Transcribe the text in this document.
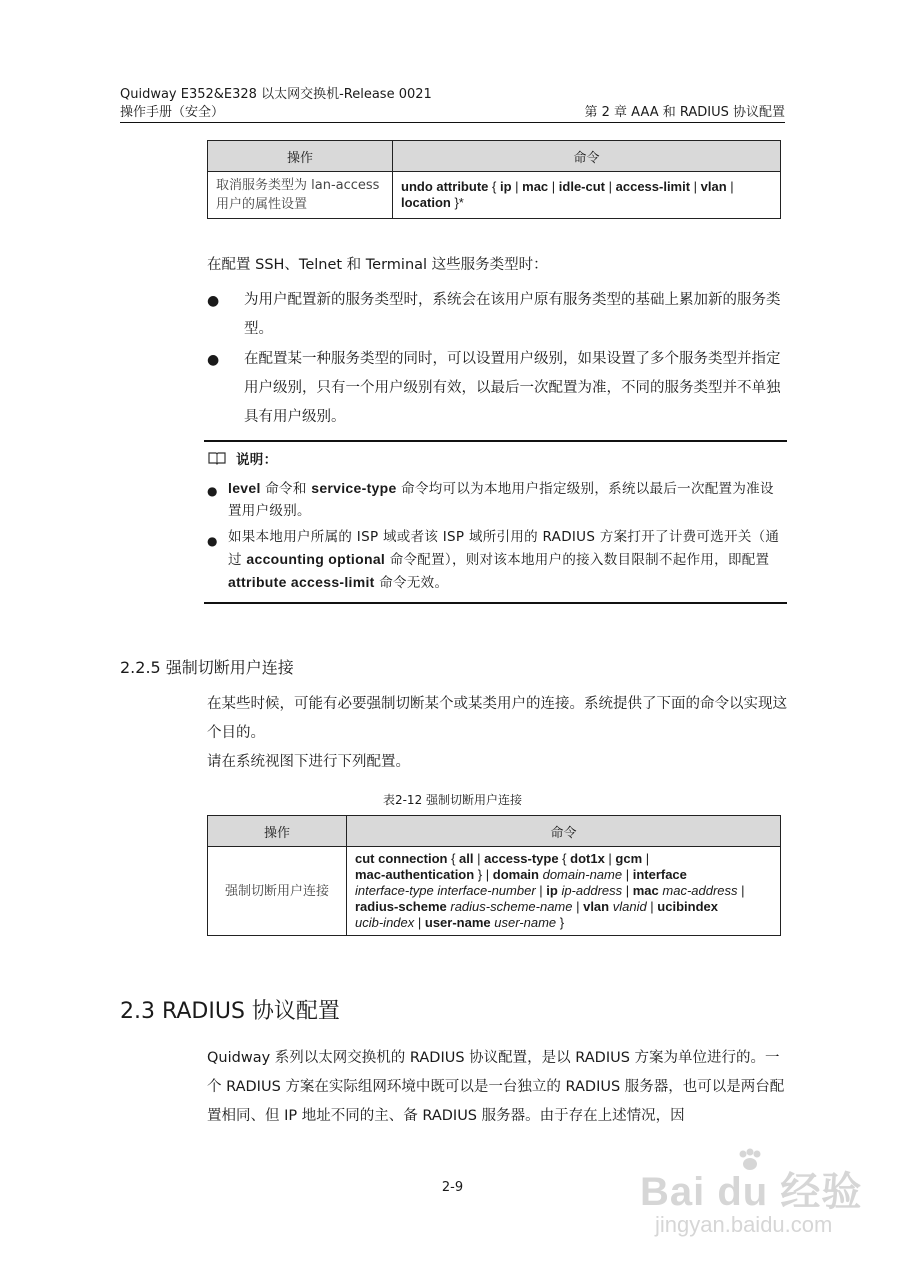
Quidway E352&E328 以太网交换机-Release 0021
操作手册（安全）	第 2 章 AAA 和 RADIUS 协议配置
操作	命令
取消服务类型为 lan-access 用户的属性设置	undo attribute { ip | mac | idle-cut | access-limit | vlan | location }*
在配置 SSH、Telnet 和 Terminal 这些服务类型时：
● 为用户配置新的服务类型时，系统会在该用户原有服务类型的基础上累加新的服务类型。
● 在配置某一种服务类型的同时，可以设置用户级别，如果设置了多个服务类型并指定用户级别，只有一个用户级别有效，以最后一次配置为准，不同的服务类型并不单独具有用户级别。
说明：
● level 命令和 service-type 命令均可以为本地用户指定级别，系统以最后一次配置为准设置用户级别。
● 如果本地用户所属的 ISP 域或者该 ISP 域所引用的 RADIUS 方案打开了计费可选开关（通过 accounting optional 命令配置），则对该本地用户的接入数目限制不起作用，即配置 attribute access-limit 命令无效。
2.2.5 强制切断用户连接
在某些时候，可能有必要强制切断某个或某类用户的连接。系统提供了下面的命令以实现这个目的。
请在系统视图下进行下列配置。
表2-12 强制切断用户连接
操作	命令
强制切断用户连接	cut connection { all | access-type { dot1x | gcm |
mac-authentication } | domain domain-name | interface
interface-type interface-number | ip ip-address | mac mac-address |
radius-scheme radius-scheme-name | vlan vlanid | ucibindex
ucib-index | user-name user-name }
2.3 RADIUS 协议配置
Quidway 系列以太网交换机的 RADIUS 协议配置，是以 RADIUS 方案为单位进行的。一个 RADIUS 方案在实际组网环境中既可以是一台独立的 RADIUS 服务器，也可以是两台配置相同、但 IP 地址不同的主、备 RADIUS 服务器。由于存在上述情况，因
2-9	Bai du 经验
jingyan.baidu.com
